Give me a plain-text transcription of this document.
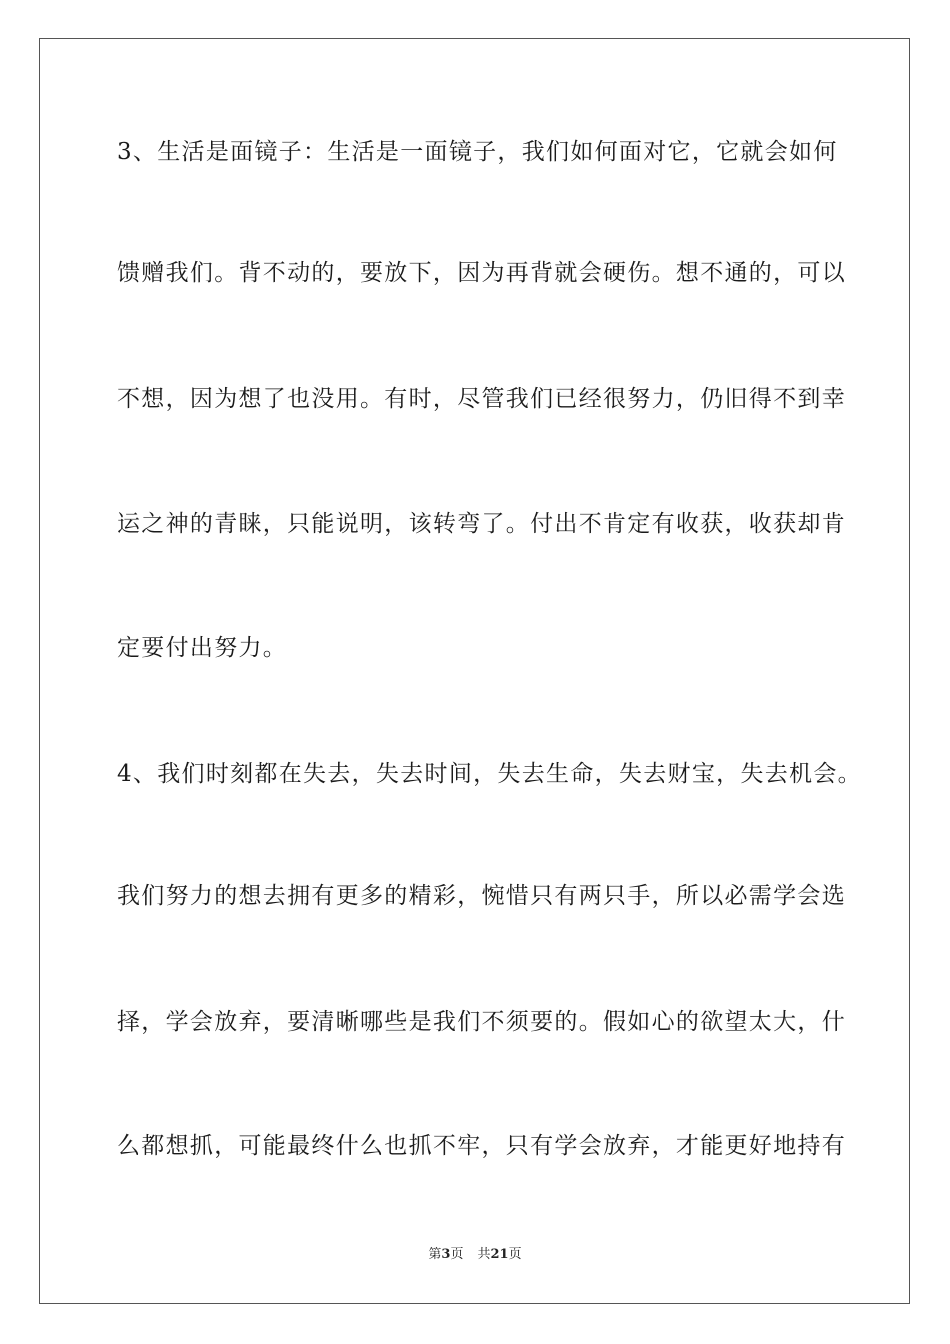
3、生活是面镜子：生活是一面镜子，我们如何面对它，它就会如何
馈赠我们。背不动的，要放下，因为再背就会硬伤。想不通的，可以
不想，因为想了也没用。有时，尽管我们已经很努力，仍旧得不到幸
运之神的青睐，只能说明，该转弯了。付出不肯定有收获，收获却肯
定要付出努力。
4、我们时刻都在失去，失去时间，失去生命，失去财宝，失去机会。
我们努力的想去拥有更多的精彩，惋惜只有两只手，所以必需学会选
择，学会放弃，要清晰哪些是我们不须要的。假如心的欲望太大，什
么都想抓，可能最终什么也抓不牢，只有学会放弃，才能更好地持有
第3页 共21页
